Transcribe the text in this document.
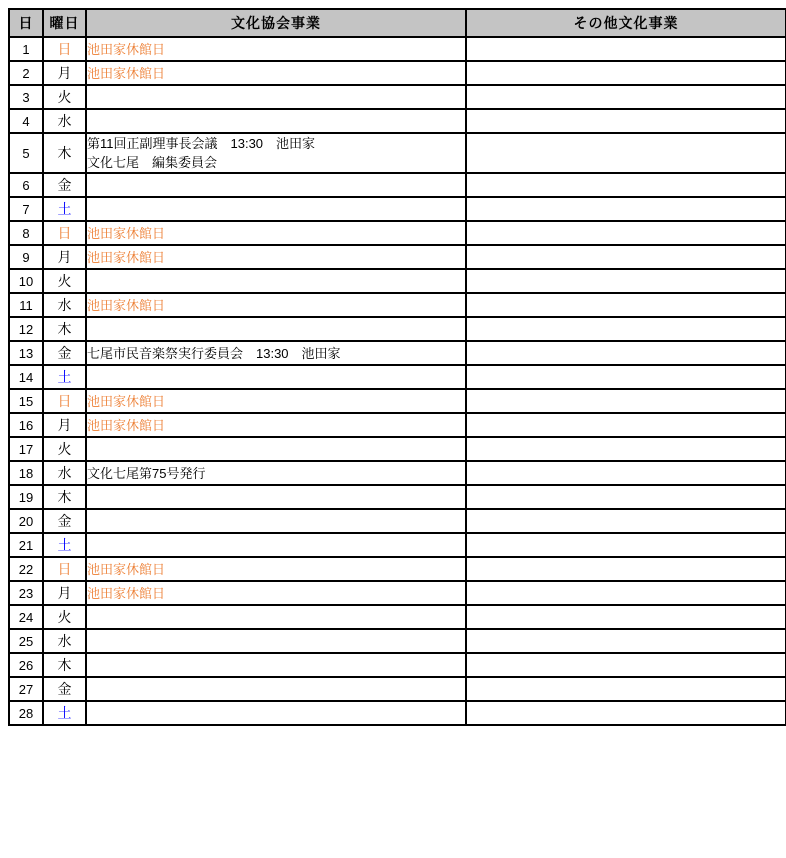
日	曜日	文化協会事業	その他文化事業
1	日	池田家休館日	

2	月	池田家休館日	

3	火		
4	水		
5	木	第11回正副理事長会議　13:30　池田家
文化七尾　編集委員会	

6	金		
7	土		
8	日	池田家休館日	

9	月	池田家休館日	

10	火		
11	水	池田家休館日	

12	木		
13	金	七尾市民音楽祭実行委員会　13:30　池田家	

14	土		
15	日	池田家休館日	

16	月	池田家休館日	

17	火		
18	水	文化七尾第75号発行	

19	木		
20	金		
21	土		
22	日	池田家休館日	

23	月	池田家休館日	

24	火		
25	水		
26	木		
27	金		
28	土		
